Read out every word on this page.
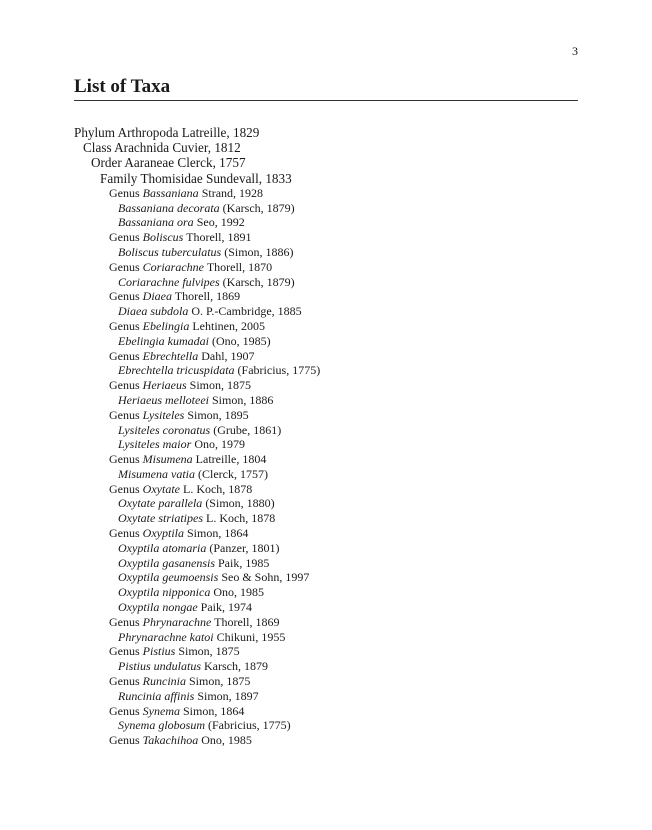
3
List of Taxa
Phylum Arthropoda Latreille, 1829
Class Arachnida Cuvier, 1812
Order Aaraneae Clerck, 1757
Family Thomisidae Sundevall, 1833
Genus Bassaniana Strand, 1928
Bassaniana decorata (Karsch, 1879)
Bassaniana ora Seo, 1992
Genus Boliscus Thorell, 1891
Boliscus tuberculatus (Simon, 1886)
Genus Coriarachne Thorell, 1870
Coriarachne fulvipes (Karsch, 1879)
Genus Diaea Thorell, 1869
Diaea subdola O. P.-Cambridge, 1885
Genus Ebelingia Lehtinen, 2005
Ebelingia kumadai (Ono, 1985)
Genus Ebrechtella Dahl, 1907
Ebrechtella tricuspidata (Fabricius, 1775)
Genus Heriaeus Simon, 1875
Heriaeus melloteei Simon, 1886
Genus Lysiteles Simon, 1895
Lysiteles coronatus (Grube, 1861)
Lysiteles maior Ono, 1979
Genus Misumena Latreille, 1804
Misumena vatia (Clerck, 1757)
Genus Oxytate L. Koch, 1878
Oxytate parallela (Simon, 1880)
Oxytate striatipes L. Koch, 1878
Genus Oxyptila Simon, 1864
Oxyptila atomaria (Panzer, 1801)
Oxyptila gasanensis Paik, 1985
Oxyptila geumoensis Seo & Sohn, 1997
Oxyptila nipponica Ono, 1985
Oxyptila nongae Paik, 1974
Genus Phrynarachne Thorell, 1869
Phrynarachne katoi Chikuni, 1955
Genus Pistius Simon, 1875
Pistius undulatus Karsch, 1879
Genus Runcinia Simon, 1875
Runcinia affinis Simon, 1897
Genus Synema Simon, 1864
Synema globosum (Fabricius, 1775)
Genus Takachihoa Ono, 1985
